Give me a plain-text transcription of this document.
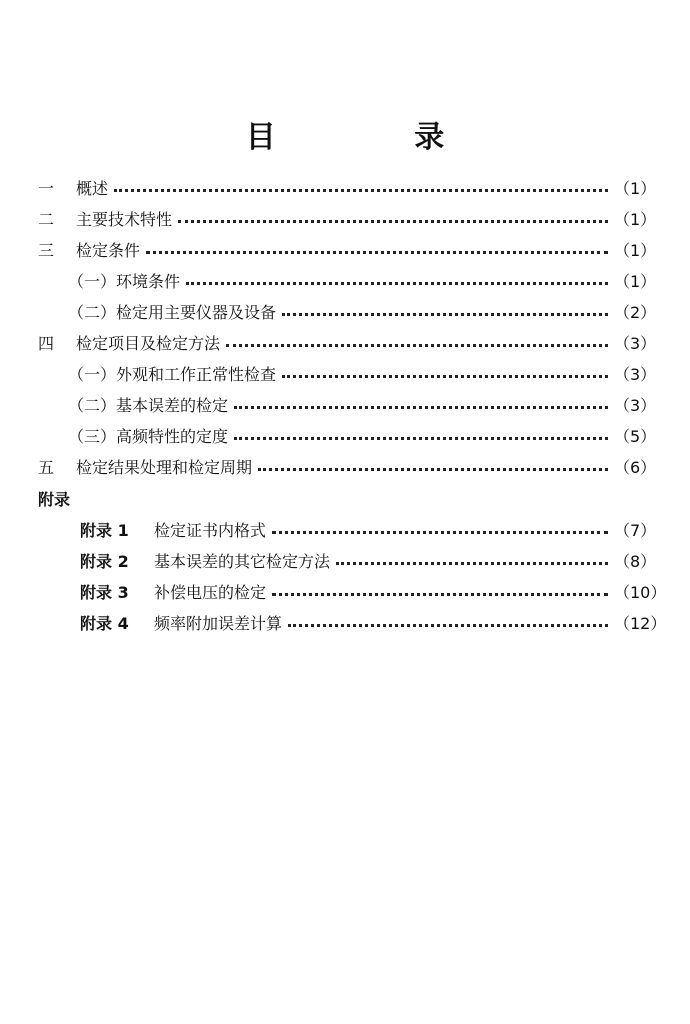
目 录
一	概述	（1）
二	主要技术特性	（1）
三	检定条件	（1）
（一）环境条件	（1）
（二）检定用主要仪器及设备	（2）
四	检定项目及检定方法	（3）
（一）外观和工作正常性检查	（3）
（二）基本误差的检定	（3）
（三）高频特性的定度	（5）
五	检定结果处理和检定周期	（6）
附录
附录 1	检定证书内格式	（7）
附录 2	基本误差的其它检定方法	（8）
附录 3	补偿电压的检定	（10）
附录 4	频率附加误差计算	（12）
